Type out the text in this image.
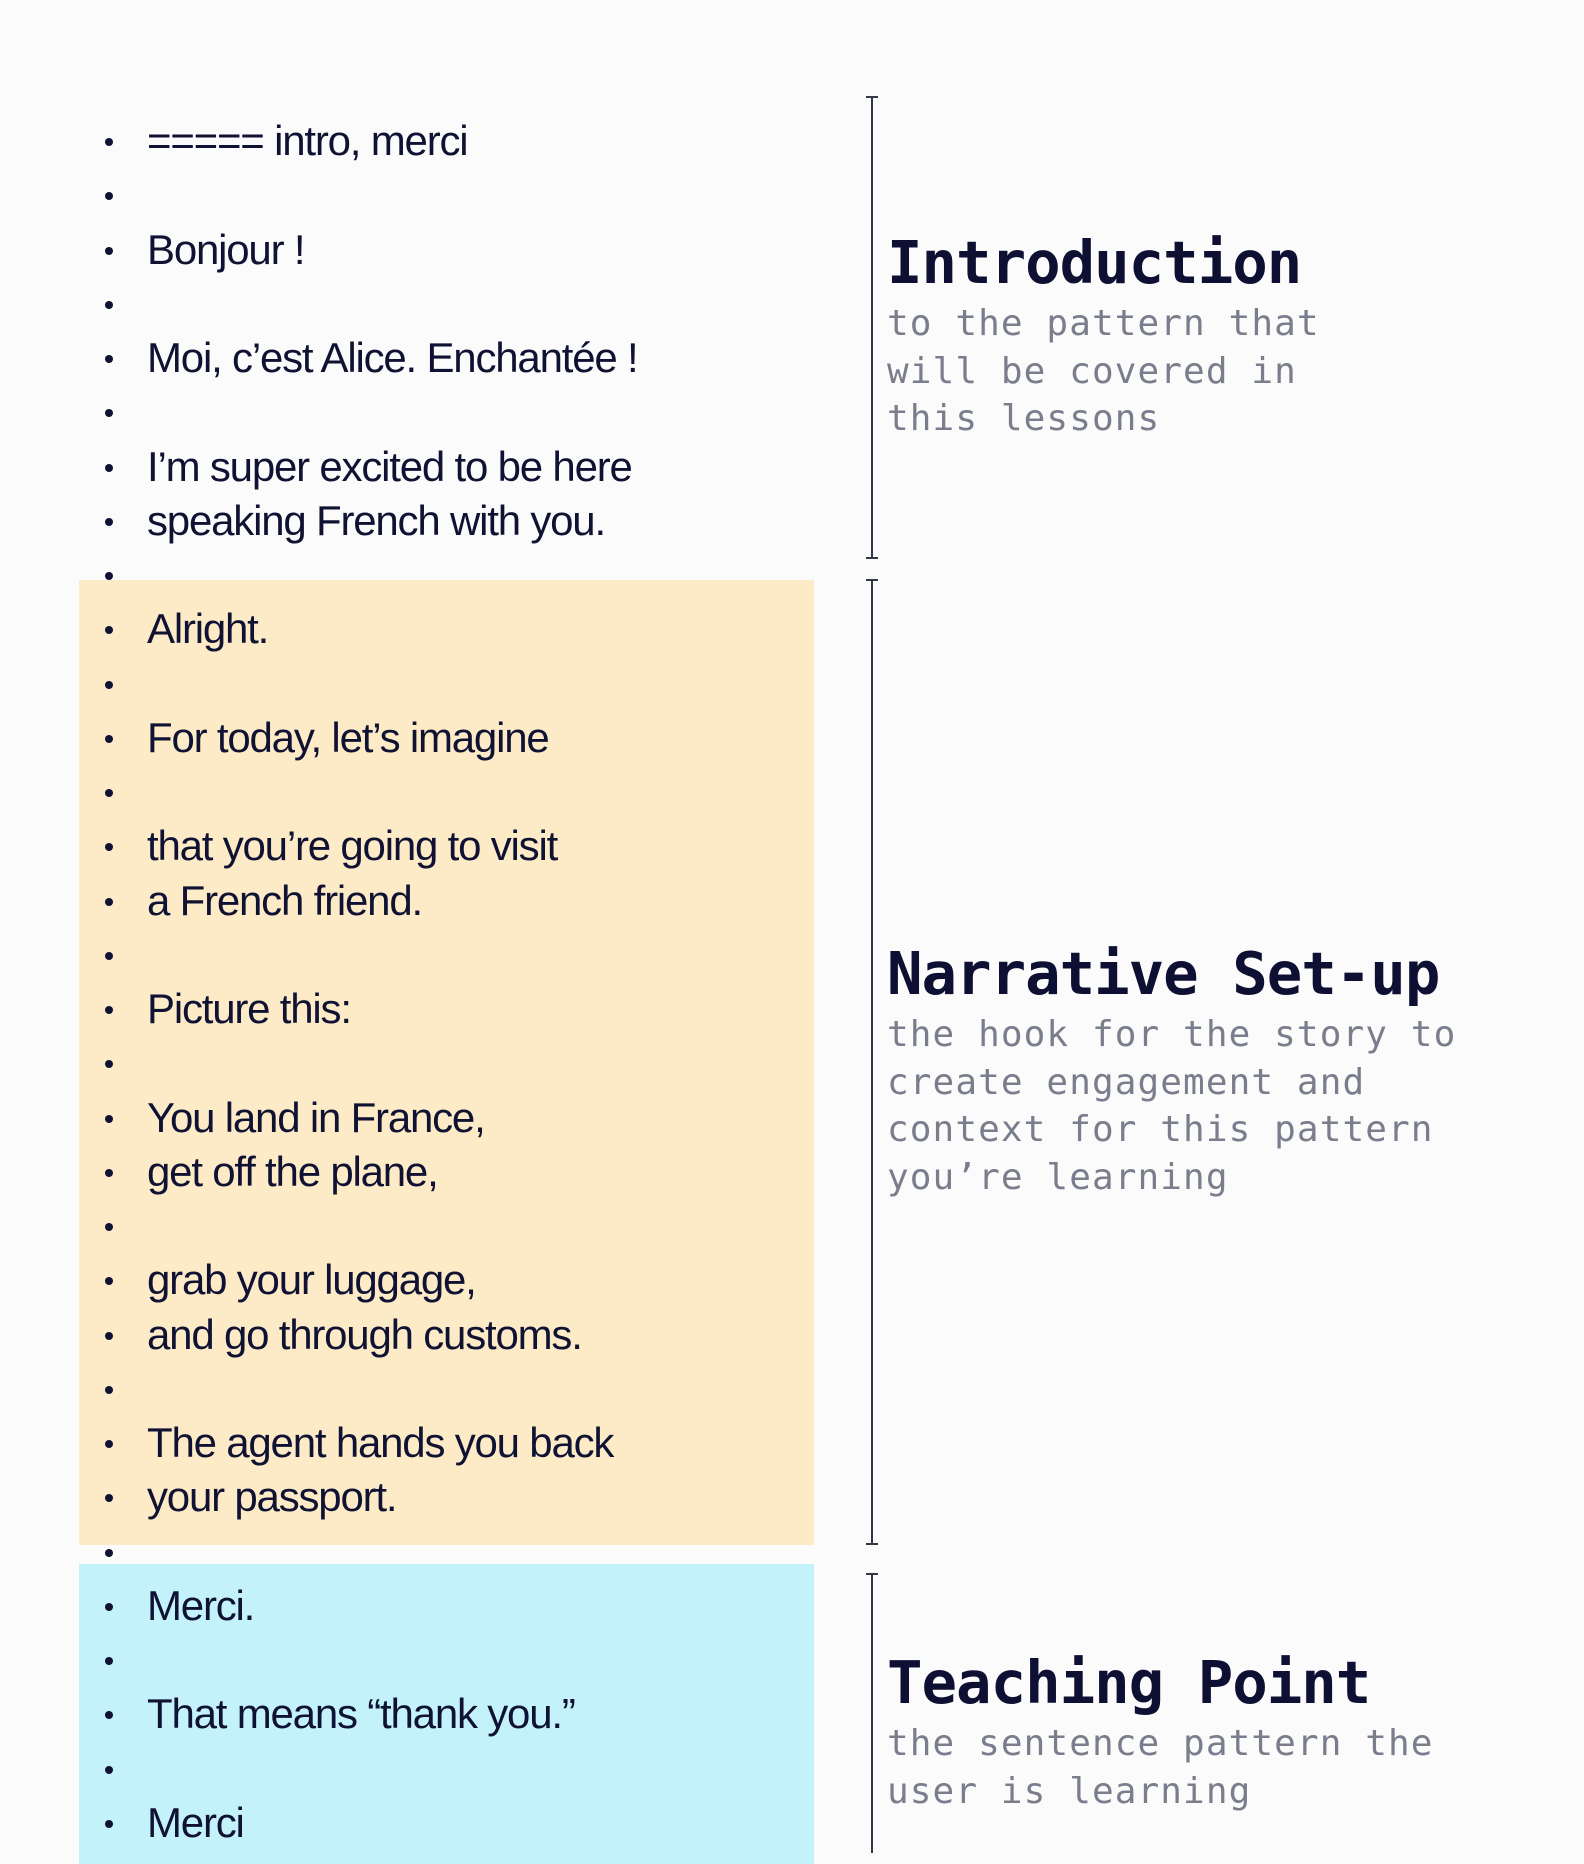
===== intro, merci
Bonjour !
Moi, c’est Alice. Enchantée !
I’m super excited to be here
speaking French with you.
Alright.
For today, let’s imagine
that you’re going to visit
a French friend.
Picture this:
You land in France,
get off the plane,
grab your luggage,
and go through customs.
The agent hands you back
your passport.
Merci.
That means “thank you.”
Merci
Introduction
to the pattern that
will be covered in
this lessons
Narrative Set-up
the hook for the story to
create engagement and
context for this pattern
you’re learning
Teaching Point
the sentence pattern the
user is learning
